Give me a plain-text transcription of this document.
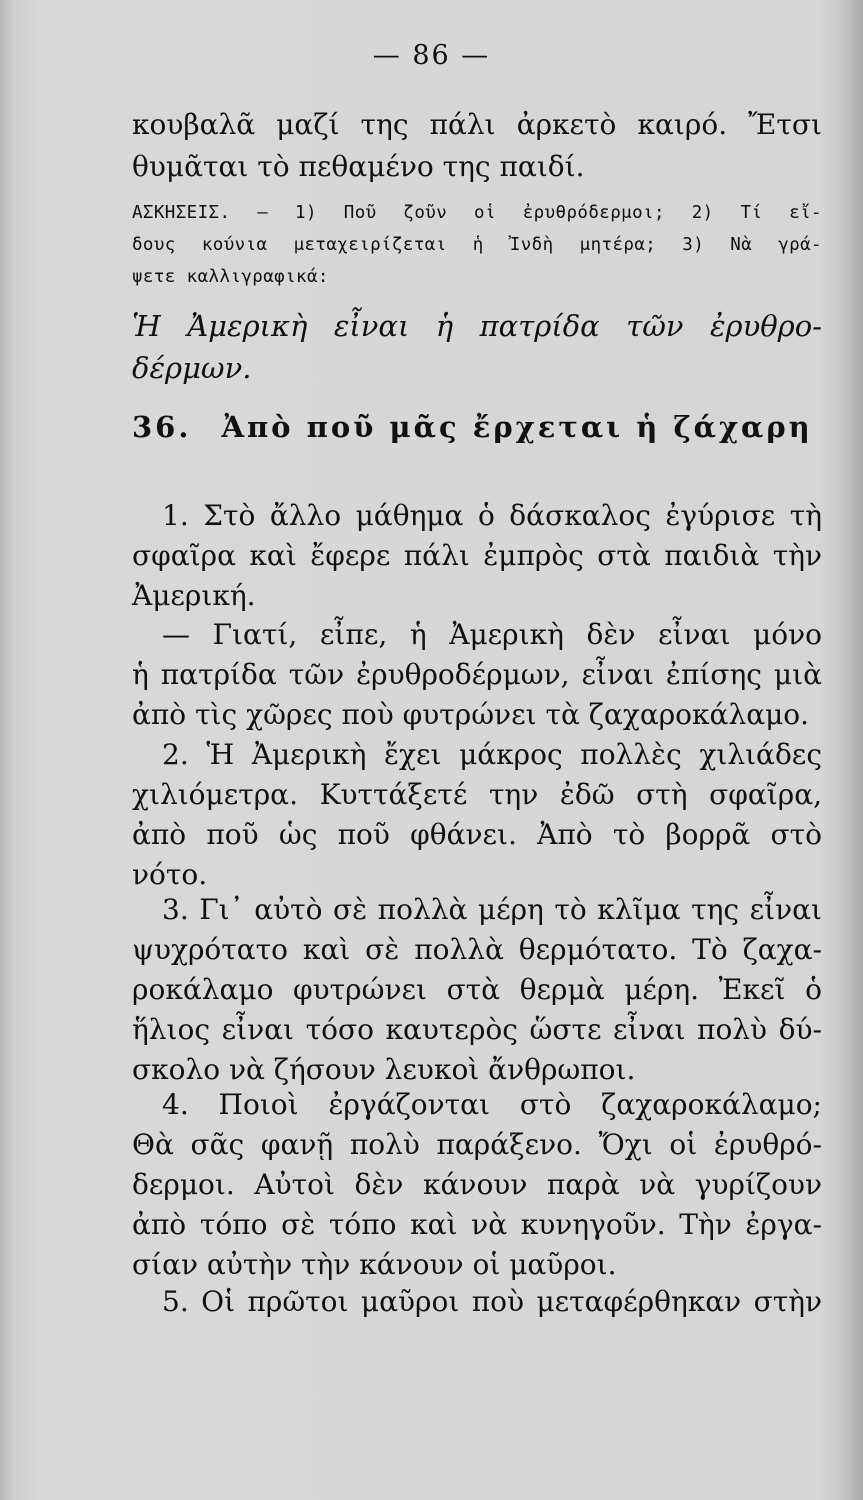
— 86 —
κουβαλᾶ μαζί της πάλι ἀρκετὸ καιρό. Ἔτσι
θυμᾶται τὸ πεθαμένο της παιδί.
ΑΣΚΗΣΕΙΣ. — 1) Ποῦ ζοῦν οἱ ἐρυθρόδερμοι; 2) Τί εἴ-
δους κούνια μεταχειρίζεται ἡ Ἰνδὴ μητέρα; 3) Νὰ γρά-
ψετε καλλιγραφικά:
Ἡ Ἀμερικὴ εἶναι ἡ πατρίδα τῶν ἐρυθρο-
δέρμων.
36. Ἀπὸ ποῦ μᾶς ἔρχεται ἡ ζάχαρη
1. Στὸ ἄλλο μάθημα ὁ δάσκαλος ἐγύρισε τὴ
σφαῖρα καὶ ἔφερε πάλι ἐμπρὸς στὰ παιδιὰ τὴν
Ἀμερική.
— Γιατί, εἶπε, ἡ Ἀμερικὴ δὲν εἶναι μόνο
ἡ πατρίδα τῶν ἐρυθροδέρμων, εἶναι ἐπίσης μιὰ
ἀπὸ τὶς χῶρες ποὺ φυτρώνει τὰ ζαχαροκάλαμο.
2. Ἡ Ἀμερικὴ ἔχει μάκρος πολλὲς χιλιάδες
χιλιόμετρα. Κυττάξετέ την ἐδῶ στὴ σφαῖρα,
ἀπὸ ποῦ ὡς ποῦ φθάνει. Ἀπὸ τὸ βορρᾶ στὸ
νότο.
3. Γι᾿ αὐτὸ σὲ πολλὰ μέρη τὸ κλῖμα της εἶναι
ψυχρότατο καὶ σὲ πολλὰ θερμότατο. Τὸ ζαχα-
ροκάλαμο φυτρώνει στὰ θερμὰ μέρη. Ἐκεῖ ὁ
ἥλιος εἶναι τόσο καυτερὸς ὥστε εἶναι πολὺ δύ-
σκολο νὰ ζήσουν λευκοὶ ἄνθρωποι.
4. Ποιοὶ ἐργάζονται στὸ ζαχαροκάλαμο;
Θὰ σᾶς φανῇ πολὺ παράξενο. Ὄχι οἱ ἐρυθρό-
δερμοι. Αὐτοὶ δὲν κάνουν παρὰ νὰ γυρίζουν
ἀπὸ τόπο σὲ τόπο καὶ νὰ κυνηγοῦν. Τὴν ἐργα-
σίαν αὐτὴν τὴν κάνουν οἱ μαῦροι.
5. Οἱ πρῶτοι μαῦροι ποὺ μεταφέρθηκαν στὴν
